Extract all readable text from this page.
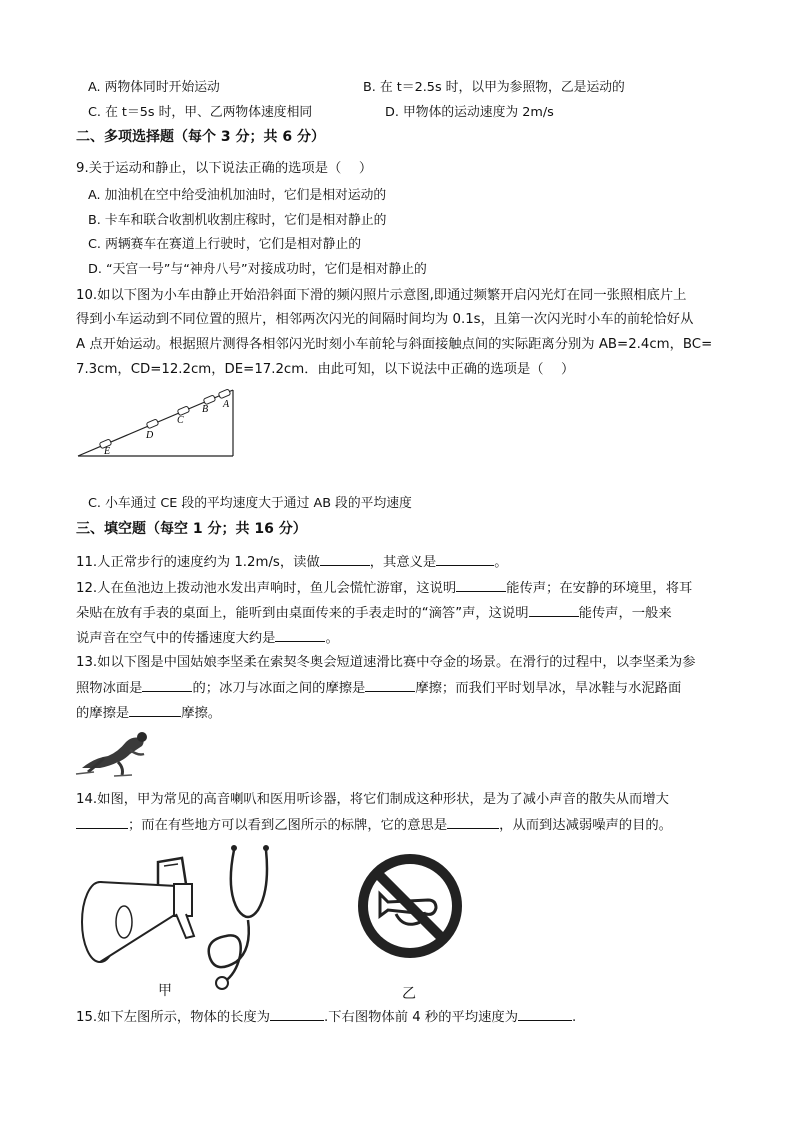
A. 两物体同时开始运动	B. 在 t＝2.5s 时，以甲为参照物，乙是运动的
C. 在 t＝5s 时，甲、乙两物体速度相同	D. 甲物体的运动速度为 2m/s
二、多项选择题（每个 3 分；共 6 分）
9.关于运动和静止，以下说法正确的选项是（　 ）
A. 加油机在空中给受油机加油时，它们是相对运动的
B. 卡车和联合收割机收割庄稼时，它们是相对静止的
C. 两辆赛车在赛道上行驶时，它们是相对静止的
D. “天宫一号”与“神舟八号”对接成功时，它们是相对静止的
10.如以下图为小车由静止开始沿斜面下滑的频闪照片示意图,即通过频繁开启闪光灯在同一张照相底片上
得到小车运动到不同位置的照片，相邻两次闪光的间隔时间均为 0.1s，且第一次闪光时小车的前轮恰好从
A 点开始运动。根据照片测得各相邻闪光时刻小车前轮与斜面接触点间的实际距离分别为 AB=2.4cm，BC=
7.3cm，CD=12.2cm，DE=17.2cm．由此可知，以下说法中正确的选项是（　 ）
A
B
C
D
E
C. 小车通过 CE 段的平均速度大于通过 AB 段的平均速度
三、填空题（每空 1 分；共 16 分）
11.人正常步行的速度约为 1.2m/s，读做	，其意义是	。
12.人在鱼池边上拨动池水发出声响时，鱼儿会慌忙游窜，这说明	能传声；在安静的环境里，将耳
朵贴在放有手表的桌面上，能听到由桌面传来的手表走时的“滴答”声，这说明	能传声，一般来
说声音在空气中的传播速度大约是	。
13.如以下图是中国姑娘李坚柔在索契冬奥会短道速滑比赛中夺金的场景。在滑行的过程中，以李坚柔为参
照物冰面是	的；冰刀与冰面之间的摩擦是	摩擦；而我们平时划旱冰，旱冰鞋与水泥路面
的摩擦是	摩擦。
14.如图，甲为常见的高音喇叭和医用听诊器，将它们制成这种形状，是为了减小声音的散失从而增大
；而在有些地方可以看到乙图所示的标牌，它的意思是	，从而到达减弱噪声的目的。
甲	乙
15.如下左图所示，物体的长度为	.下右图物体前 4 秒的平均速度为	.
